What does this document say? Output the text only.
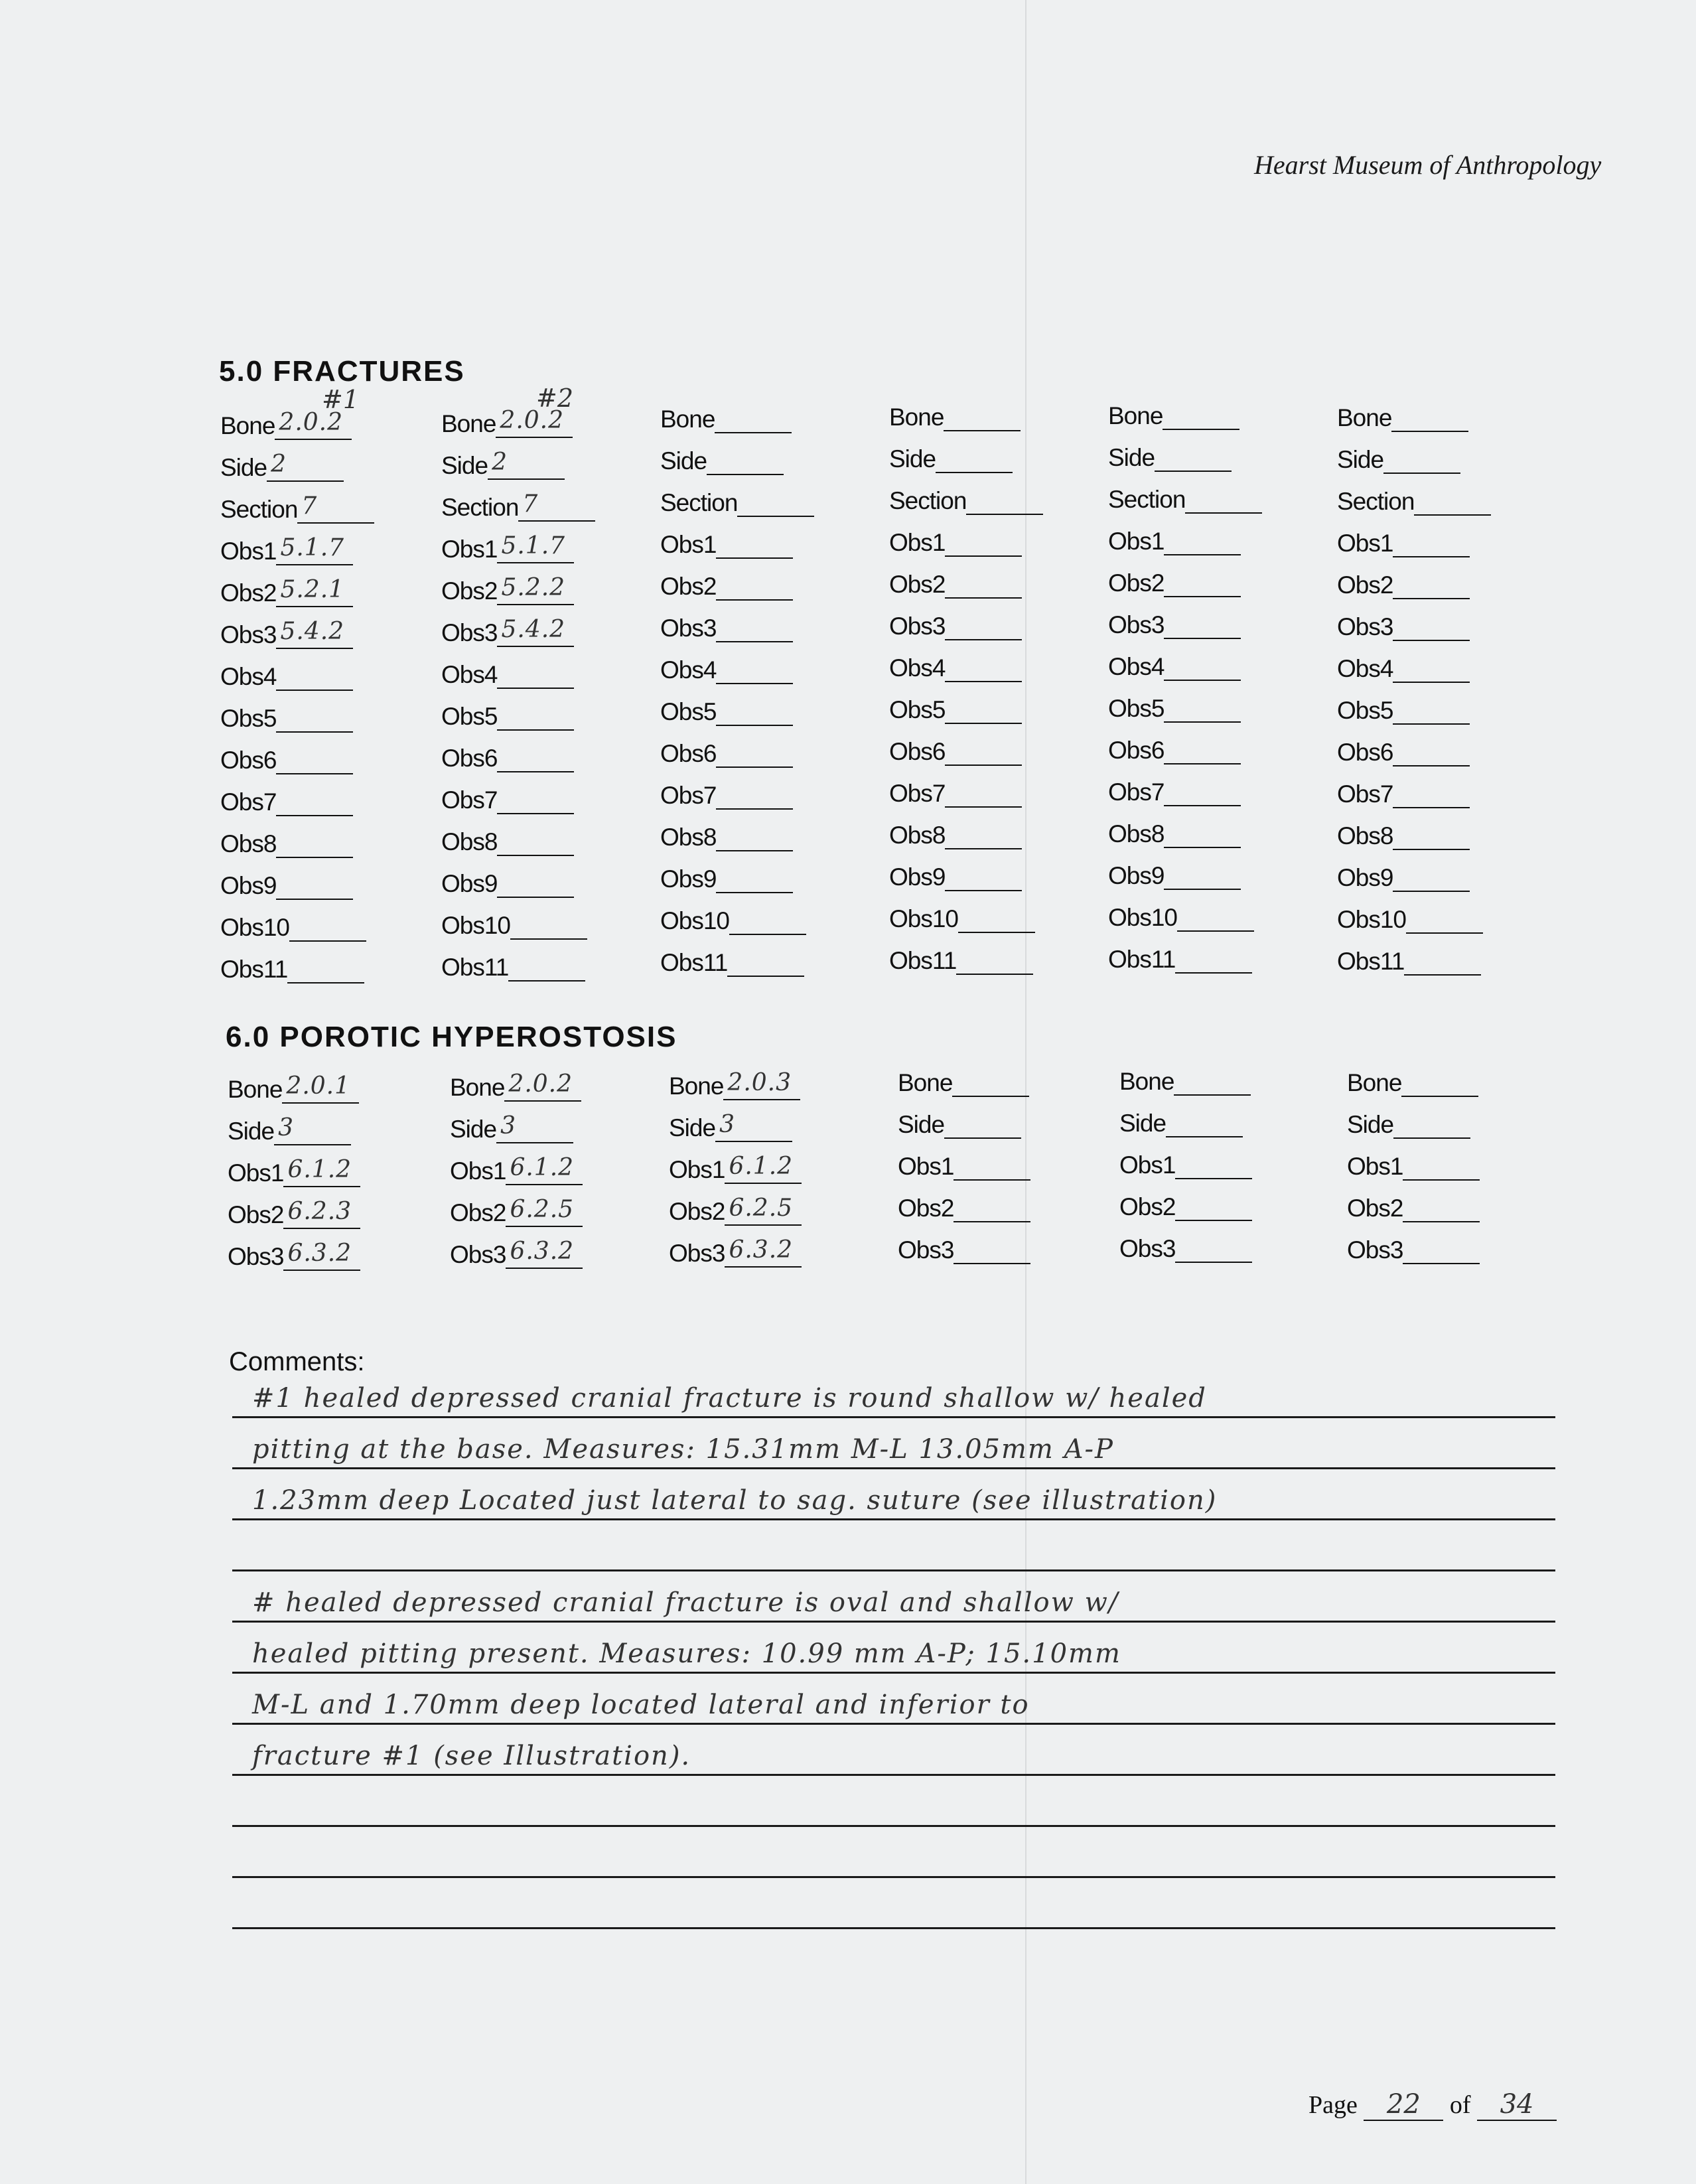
Hearst Museum of Anthropology
5.0 FRACTURES
#1	#2
Bone 2.0.2
Side 2
Section 7
Obs1 5.1.7
Obs2 5.2.1
Obs3 5.4.2
Obs4
Obs5
Obs6
Obs7
Obs8
Obs9
Obs10
Obs11
Bone 2.0.2
Side 2
Section 7
Obs1 5.1.7
Obs2 5.2.2
Obs3 5.4.2
Obs4
Obs5
Obs6
Obs7
Obs8
Obs9
Obs10
Obs11
Bone
Side
Section
Obs1
Obs2
Obs3
Obs4
Obs5
Obs6
Obs7
Obs8
Obs9
Obs10
Obs11
Bone
Side
Section
Obs1
Obs2
Obs3
Obs4
Obs5
Obs6
Obs7
Obs8
Obs9
Obs10
Obs11
Bone
Side
Section
Obs1
Obs2
Obs3
Obs4
Obs5
Obs6
Obs7
Obs8
Obs9
Obs10
Obs11
Bone
Side
Section
Obs1
Obs2
Obs3
Obs4
Obs5
Obs6
Obs7
Obs8
Obs9
Obs10
Obs11
6.0 POROTIC HYPEROSTOSIS
Bone 2.0.1
Side 3
Obs1 6.1.2
Obs2 6.2.3
Obs3 6.3.2
Bone 2.0.2
Side 3
Obs1 6.1.2
Obs2 6.2.5
Obs3 6.3.2
Bone 2.0.3
Side 3
Obs1 6.1.2
Obs2 6.2.5
Obs3 6.3.2
Bone
Side
Obs1
Obs2
Obs3
Bone
Side
Obs1
Obs2
Obs3
Bone
Side
Obs1
Obs2
Obs3
Comments:
#1 healed depressed cranial fracture is round shallow w/ healed
pitting at the base. Measures: 15.31mm M-L 13.05mm A-P
1.23mm deep Located just lateral to sag. suture (see illustration)
# healed depressed cranial fracture is oval and shallow w/
healed pitting present. Measures: 10.99 mm A-P; 15.10mm
M-L and 1.70mm deep located lateral and inferior to
fracture #1 (see Illustration).
Page 22 of 34
